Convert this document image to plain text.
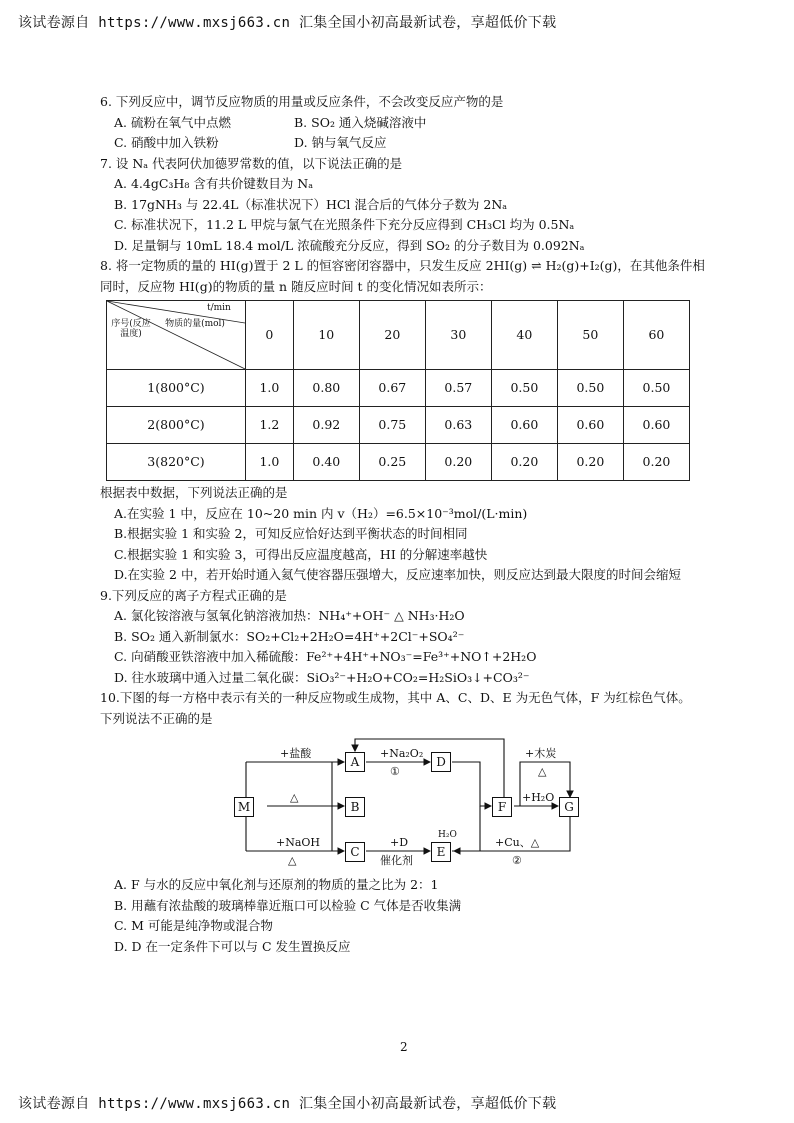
该试卷源自 https://www.mxsj663.cn 汇集全国小初高最新试卷，享超低价下载
6. 下列反应中，调节反应物质的用量或反应条件，不会改变反应产物的是
A. 硫粉在氧气中点燃	B. SO₂ 通入烧碱溶液中
C. 硝酸中加入铁粉	D. 钠与氧气反应
7. 设 Nₐ 代表阿伏加德罗常数的值，以下说法正确的是
A. 4.4gC₃H₈ 含有共价键数目为 Nₐ
B. 17gNH₃ 与 22.4L（标准状况下）HCl 混合后的气体分子数为 2Nₐ
C. 标准状况下，11.2 L 甲烷与氯气在光照条件下充分反应得到 CH₃Cl 均为 0.5Nₐ
D. 足量铜与 10mL 18.4 mol/L 浓硫酸充分反应，得到 SO₂ 的分子数目为 0.092Nₐ
8. 将一定物质的量的 HI(g)置于 2 L 的恒容密闭容器中，只发生反应 2HI(g) ⇌ H₂(g)+I₂(g)，在其他条件相
同时，反应物 HI(g)的物质的量 n 随反应时间 t 的变化情况如表所示：
t/min
物质的量(mol)
序号(反应温度)	0	10	20	30	40	50	60
1(800°C)	1.0	0.80	0.67	0.57	0.50	0.50	0.50
2(800°C)	1.2	0.92	0.75	0.63	0.60	0.60	0.60
3(820°C)	1.0	0.40	0.25	0.20	0.20	0.20	0.20
根据表中数据，下列说法正确的是
A.在实验 1 中，反应在 10~20 min 内 v（H₂）=6.5×10⁻³mol/(L·min)
B.根据实验 1 和实验 2，可知反应恰好达到平衡状态的时间相同
C.根据实验 1 和实验 3，可得出反应温度越高，HI 的分解速率越快
D.在实验 2 中，若开始时通入氦气使容器压强增大，反应速率加快，则反应达到最大限度的时间会缩短
9.下列反应的离子方程式正确的是
A. 氯化铵溶液与氢氧化钠溶液加热：NH₄⁺+OH⁻ △ NH₃·H₂O
B. SO₂ 通入新制氯水：SO₂+Cl₂+2H₂O=4H⁺+2Cl⁻+SO₄²⁻
C. 向硝酸亚铁溶液中加入稀硫酸：Fe²⁺+4H⁺+NO₃⁻=Fe³⁺+NO↑+2H₂O
D. 往水玻璃中通入过量二氧化碳：SiO₃²⁻+H₂O+CO₂=H₂SiO₃↓+CO₃²⁻
10.下图的每一方格中表示有关的一种反应物或生成物，其中 A、C、D、E 为无色气体，F 为红棕色气体。
下列说法不正确的是
M
A
B
C
D
E
F	G
+盐酸
△
+NaOH
△
+Na₂O₂
①
+D
催化剂
H₂O
+木炭
△
+H₂O
+Cu、△
②
A. F 与水的反应中氧化剂与还原剂的物质的量之比为 2：1
B. 用蘸有浓盐酸的玻璃棒靠近瓶口可以检验 C 气体是否收集满
C. M 可能是纯净物或混合物
D. D 在一定条件下可以与 C 发生置换反应
2
该试卷源自 https://www.mxsj663.cn 汇集全国小初高最新试卷，享超低价下载
